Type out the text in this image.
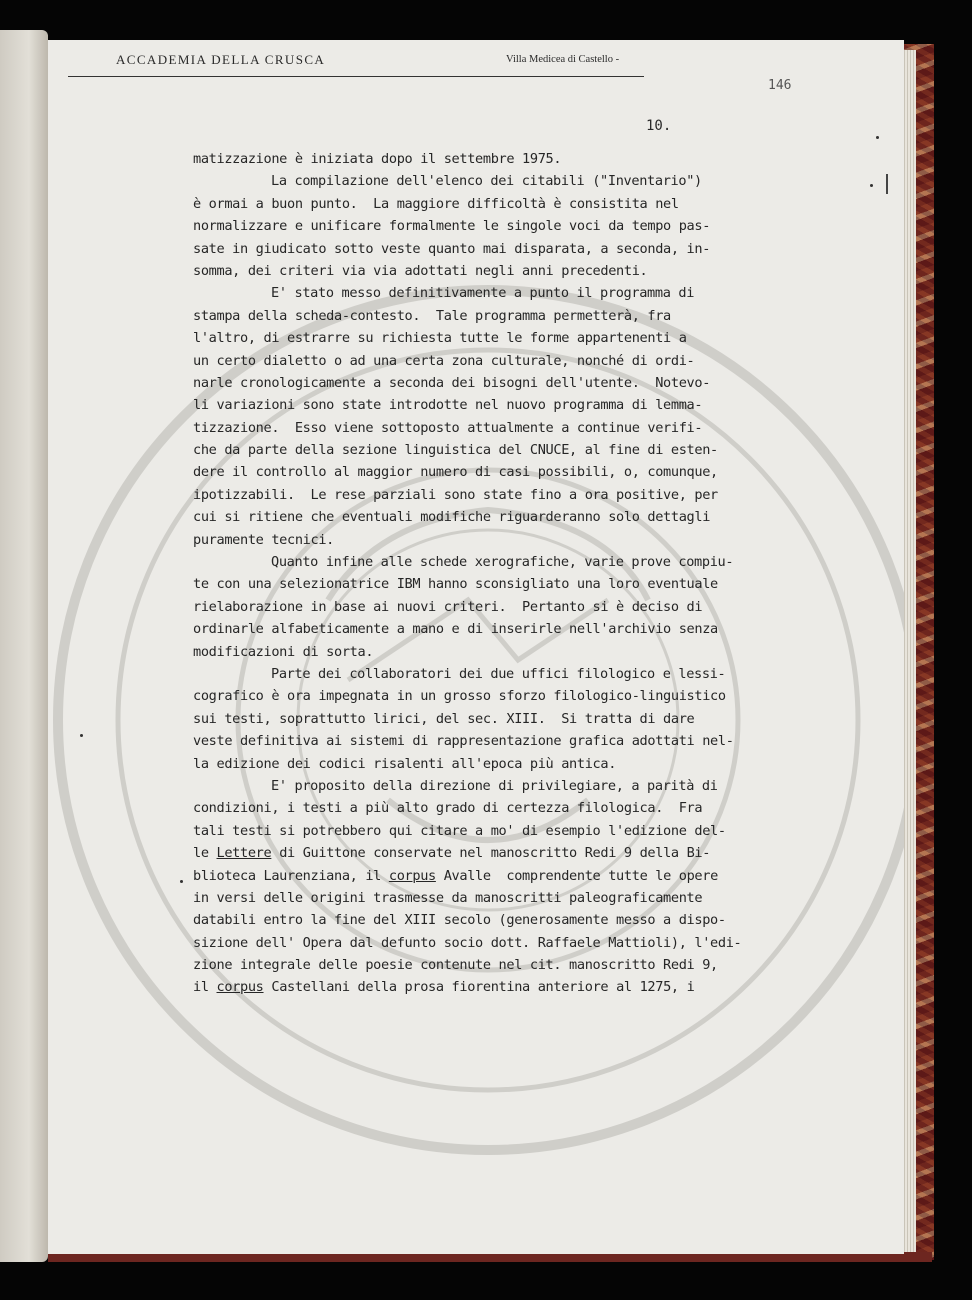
ACCADEMIA DELLA CRUSCA	Villa Medicea di Castello -
146
10.
matizzazione è iniziata dopo il settembre 1975.
La compilazione dell'elenco dei citabili ("Inventario")
è ormai a buon punto.  La maggiore difficoltà è consistita nel
normalizzare e unificare formalmente le singole voci da tempo pas-
sate in giudicato sotto veste quanto mai disparata, a seconda, in-
somma, dei criteri via via adottati negli anni precedenti.
E' stato messo definitivamente a punto il programma di
stampa della scheda-contesto.  Tale programma permetterà, fra
l'altro, di estrarre su richiesta tutte le forme appartenenti a
un certo dialetto o ad una certa zona culturale, nonché di ordi-
narle cronologicamente a seconda dei bisogni dell'utente.  Notevo-
li variazioni sono state introdotte nel nuovo programma di lemma-
tizzazione.  Esso viene sottoposto attualmente a continue verifi-
che da parte della sezione linguistica del CNUCE, al fine di esten-
dere il controllo al maggior numero di casi possibili, o, comunque,
ipotizzabili.  Le rese parziali sono state fino a ora positive, per
cui si ritiene che eventuali modifiche riguarderanno solo dettagli
puramente tecnici.
Quanto infine alle schede xerografiche, varie prove compiu-
te con una selezionatrice IBM hanno sconsigliato una loro eventuale
rielaborazione in base ai nuovi criteri.  Pertanto si è deciso di
ordinarle alfabeticamente a mano e di inserirle nell'archivio senza
modificazioni di sorta.
Parte dei collaboratori dei due uffici filologico e lessi-
cografico è ora impegnata in un grosso sforzo filologico-linguistico
sui testi, soprattutto lirici, del sec. XIII.  Si tratta di dare
veste definitiva ai sistemi di rappresentazione grafica adottati nel-
la edizione dei codici risalenti all'epoca più antica.
E' proposito della direzione di privilegiare, a parità di
condizioni, i testi a più alto grado di certezza filologica.  Fra
tali testi si potrebbero qui citare a mo' di esempio l'edizione del-
le Lettere di Guittone conservate nel manoscritto Redi 9 della Bi-
blioteca Laurenziana, il corpus Avalle  comprendente tutte le opere
in versi delle origini trasmesse da manoscritti paleograficamente
databili entro la fine del XIII secolo (generosamente messo a dispo-
sizione dell' Opera dal defunto socio dott. Raffaele Mattioli), l'edi-
zione integrale delle poesie contenute nel cit. manoscritto Redi 9,
il corpus Castellani della prosa fiorentina anteriore al 1275, i
